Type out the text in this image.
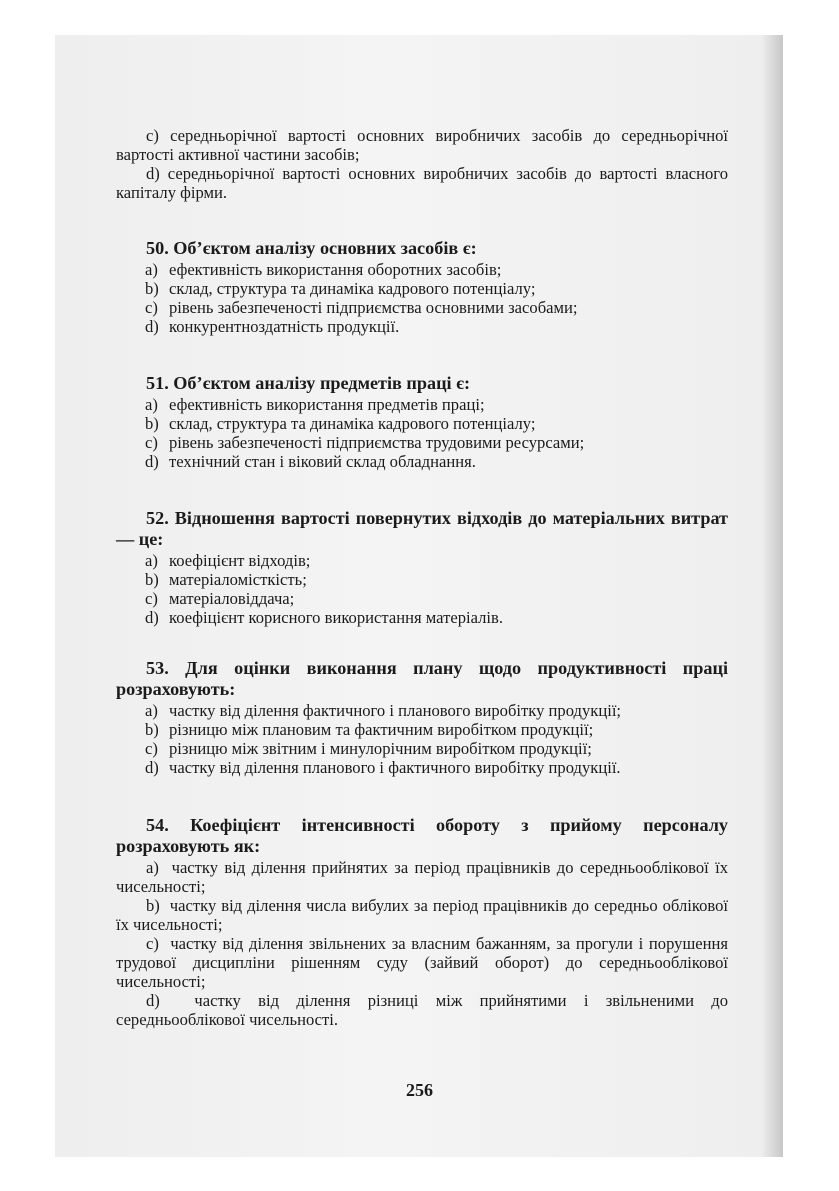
c) середньорічної вартості основних виробничих засобів до середньорічної вартості активної частини засобів;

d) середньорічної вартості основних виробничих засобів до вартості власного капіталу фірми.

50. Об’єктом аналізу основних засобів є:

a) ефективність використання оборотних засобів;
b) склад, структура та динаміка кадрового потенціалу;
c) рівень забезпеченості підприємства основними засобами;
d) конкурентноздатність продукції.

51. Об’єктом аналізу предметів праці є:

a) ефективність використання предметів праці;
b) склад, структура та динаміка кадрового потенціалу;
c) рівень забезпеченості підприємства трудовими ресурсами;
d) технічний стан і віковий склад обладнання.

52. Відношення вартості повернутих відходів до матеріальних витрат — це:

a) коефіцієнт відходів;
b) матеріаломісткість;
c) матеріаловіддача;
d) коефіцієнт корисного використання матеріалів.

53. Для оцінки виконання плану щодо продуктивності праці розраховують:

a) частку від ділення фактичного і планового виробітку продукції;
b) різницю між плановим та фактичним виробітком продукції;
c) різницю між звітним і минулорічним виробітком продукції;
d) частку від ділення планового і фактичного виробітку продукції.

54. Коефіцієнт інтенсивності обороту з прийому персоналу розраховують як:

a) частку від ділення прийнятих за період працівників до середньооблікової їх чисельності;

b) частку від ділення числа вибулих за період працівників до середньо облікової їх чисельності;

c) частку від ділення звільнених за власним бажанням, за прогули і порушення трудової дисципліни рішенням суду (зайвий оборот) до середньооблікової чисельності;

d) частку від ділення різниці між прийнятими і звільненими до середньооблікової чисельності.

256
